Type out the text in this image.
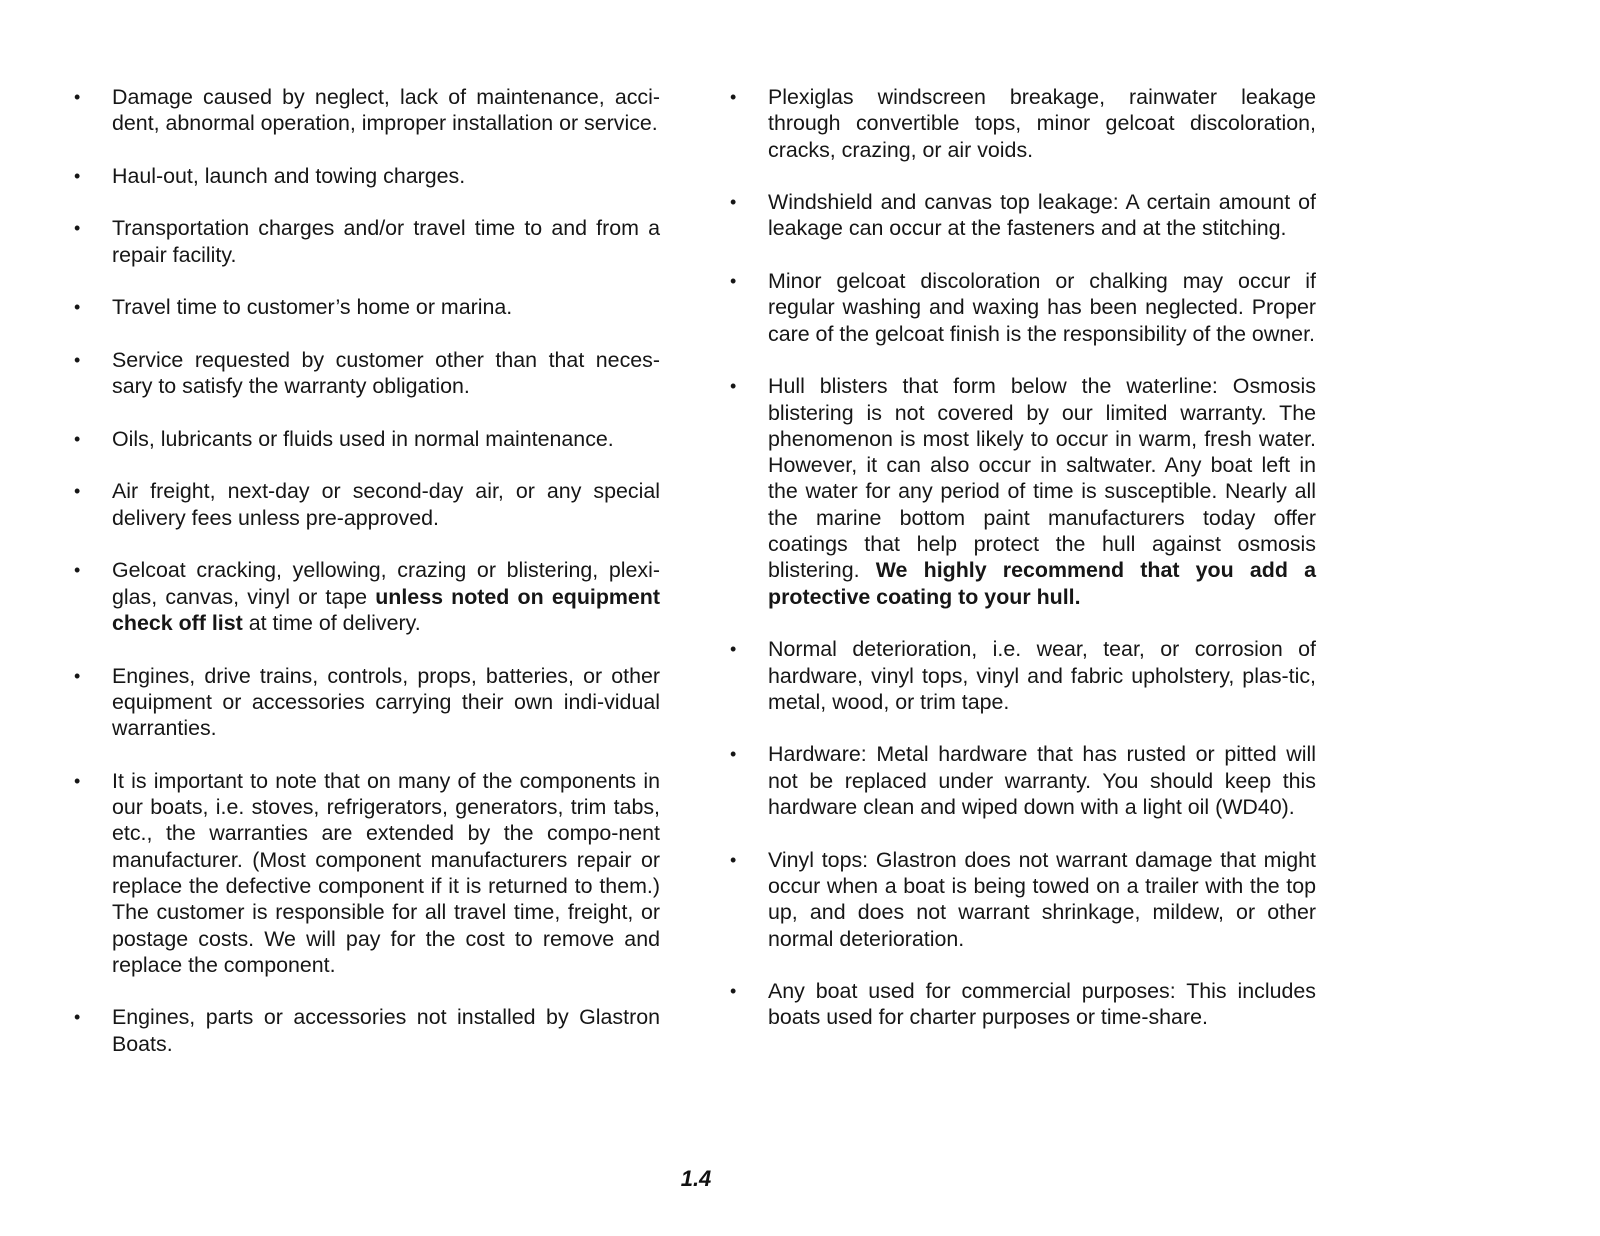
• Damage caused by neglect, lack of maintenance, acci-dent, abnormal operation, improper installation or service.
• Haul-out, launch and towing charges.
• Transportation charges and/or travel time to and from a repair facility.
• Travel time to customer’s home or marina.
• Service requested by customer other than that neces-sary to satisfy the warranty obligation.
• Oils, lubricants or fluids used in normal maintenance.
• Air freight, next-day or second-day air, or any special delivery fees unless pre-approved.
• Gelcoat cracking, yellowing, crazing or blistering, plexi-glas, canvas, vinyl or tape unless noted on equipment check off list at time of delivery.
• Engines, drive trains, controls, props, batteries, or other equipment or accessories carrying their own indi-vidual warranties.
• It is important to note that on many of the components in our boats, i.e. stoves, refrigerators, generators, trim tabs, etc., the warranties are extended by the compo-nent manufacturer. (Most component manufacturers repair or replace the defective component if it is returned to them.) The customer is responsible for all travel time, freight, or postage costs. We will pay for the cost to remove and replace the component.
• Engines, parts or accessories not installed by Glastron Boats.
• Plexiglas windscreen breakage, rainwater leakage through convertible tops, minor gelcoat discoloration, cracks, crazing, or air voids.
• Windshield and canvas top leakage: A certain amount of leakage can occur at the fasteners and at the stitching.
• Minor gelcoat discoloration or chalking may occur if regular washing and waxing has been neglected. Proper care of the gelcoat finish is the responsibility of the owner.
• Hull blisters that form below the waterline: Osmosis blistering is not covered by our limited warranty. The phenomenon is most likely to occur in warm, fresh water. However, it can also occur in saltwater. Any boat left in the water for any period of time is susceptible. Nearly all the marine bottom paint manufacturers today offer coatings that help protect the hull against osmosis blistering. We highly recommend that you add a protective coating to your hull.
• Normal deterioration, i.e. wear, tear, or corrosion of hardware, vinyl tops, vinyl and fabric upholstery, plas-tic, metal, wood, or trim tape.
• Hardware: Metal hardware that has rusted or pitted will not be replaced under warranty. You should keep this hardware clean and wiped down with a light oil (WD40).
• Vinyl tops: Glastron does not warrant damage that might occur when a boat is being towed on a trailer with the top up, and does not warrant shrinkage, mildew, or other normal deterioration.
• Any boat used for commercial purposes: This includes boats used for charter purposes or time-share.
1.4
